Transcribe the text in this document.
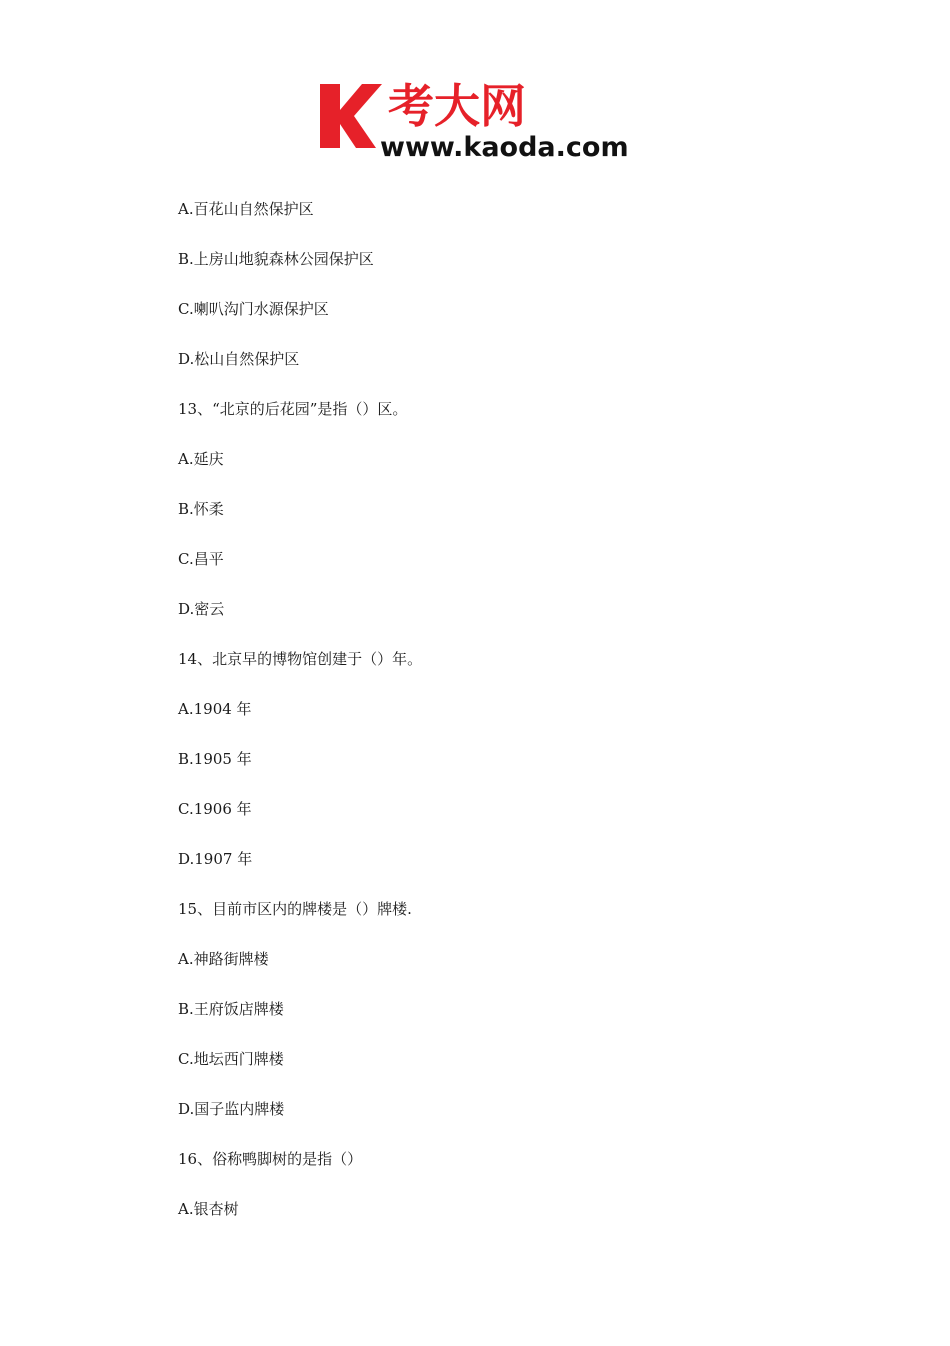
K
考大网
www.kaoda.com
A.百花山自然保护区
B.上房山地貌森林公园保护区
C.喇叭沟门水源保护区
D.松山自然保护区
13、“北京的后花园”是指（）区。
A.延庆
B.怀柔
C.昌平
D.密云
14、北京早的博物馆创建于（）年。
A.1904 年
B.1905 年
C.1906 年
D.1907 年
15、目前市区内的牌楼是（）牌楼.
A.神路街牌楼
B.王府饭店牌楼
C.地坛西门牌楼
D.国子监内牌楼
16、俗称鸭脚树的是指（）
A.银杏树
